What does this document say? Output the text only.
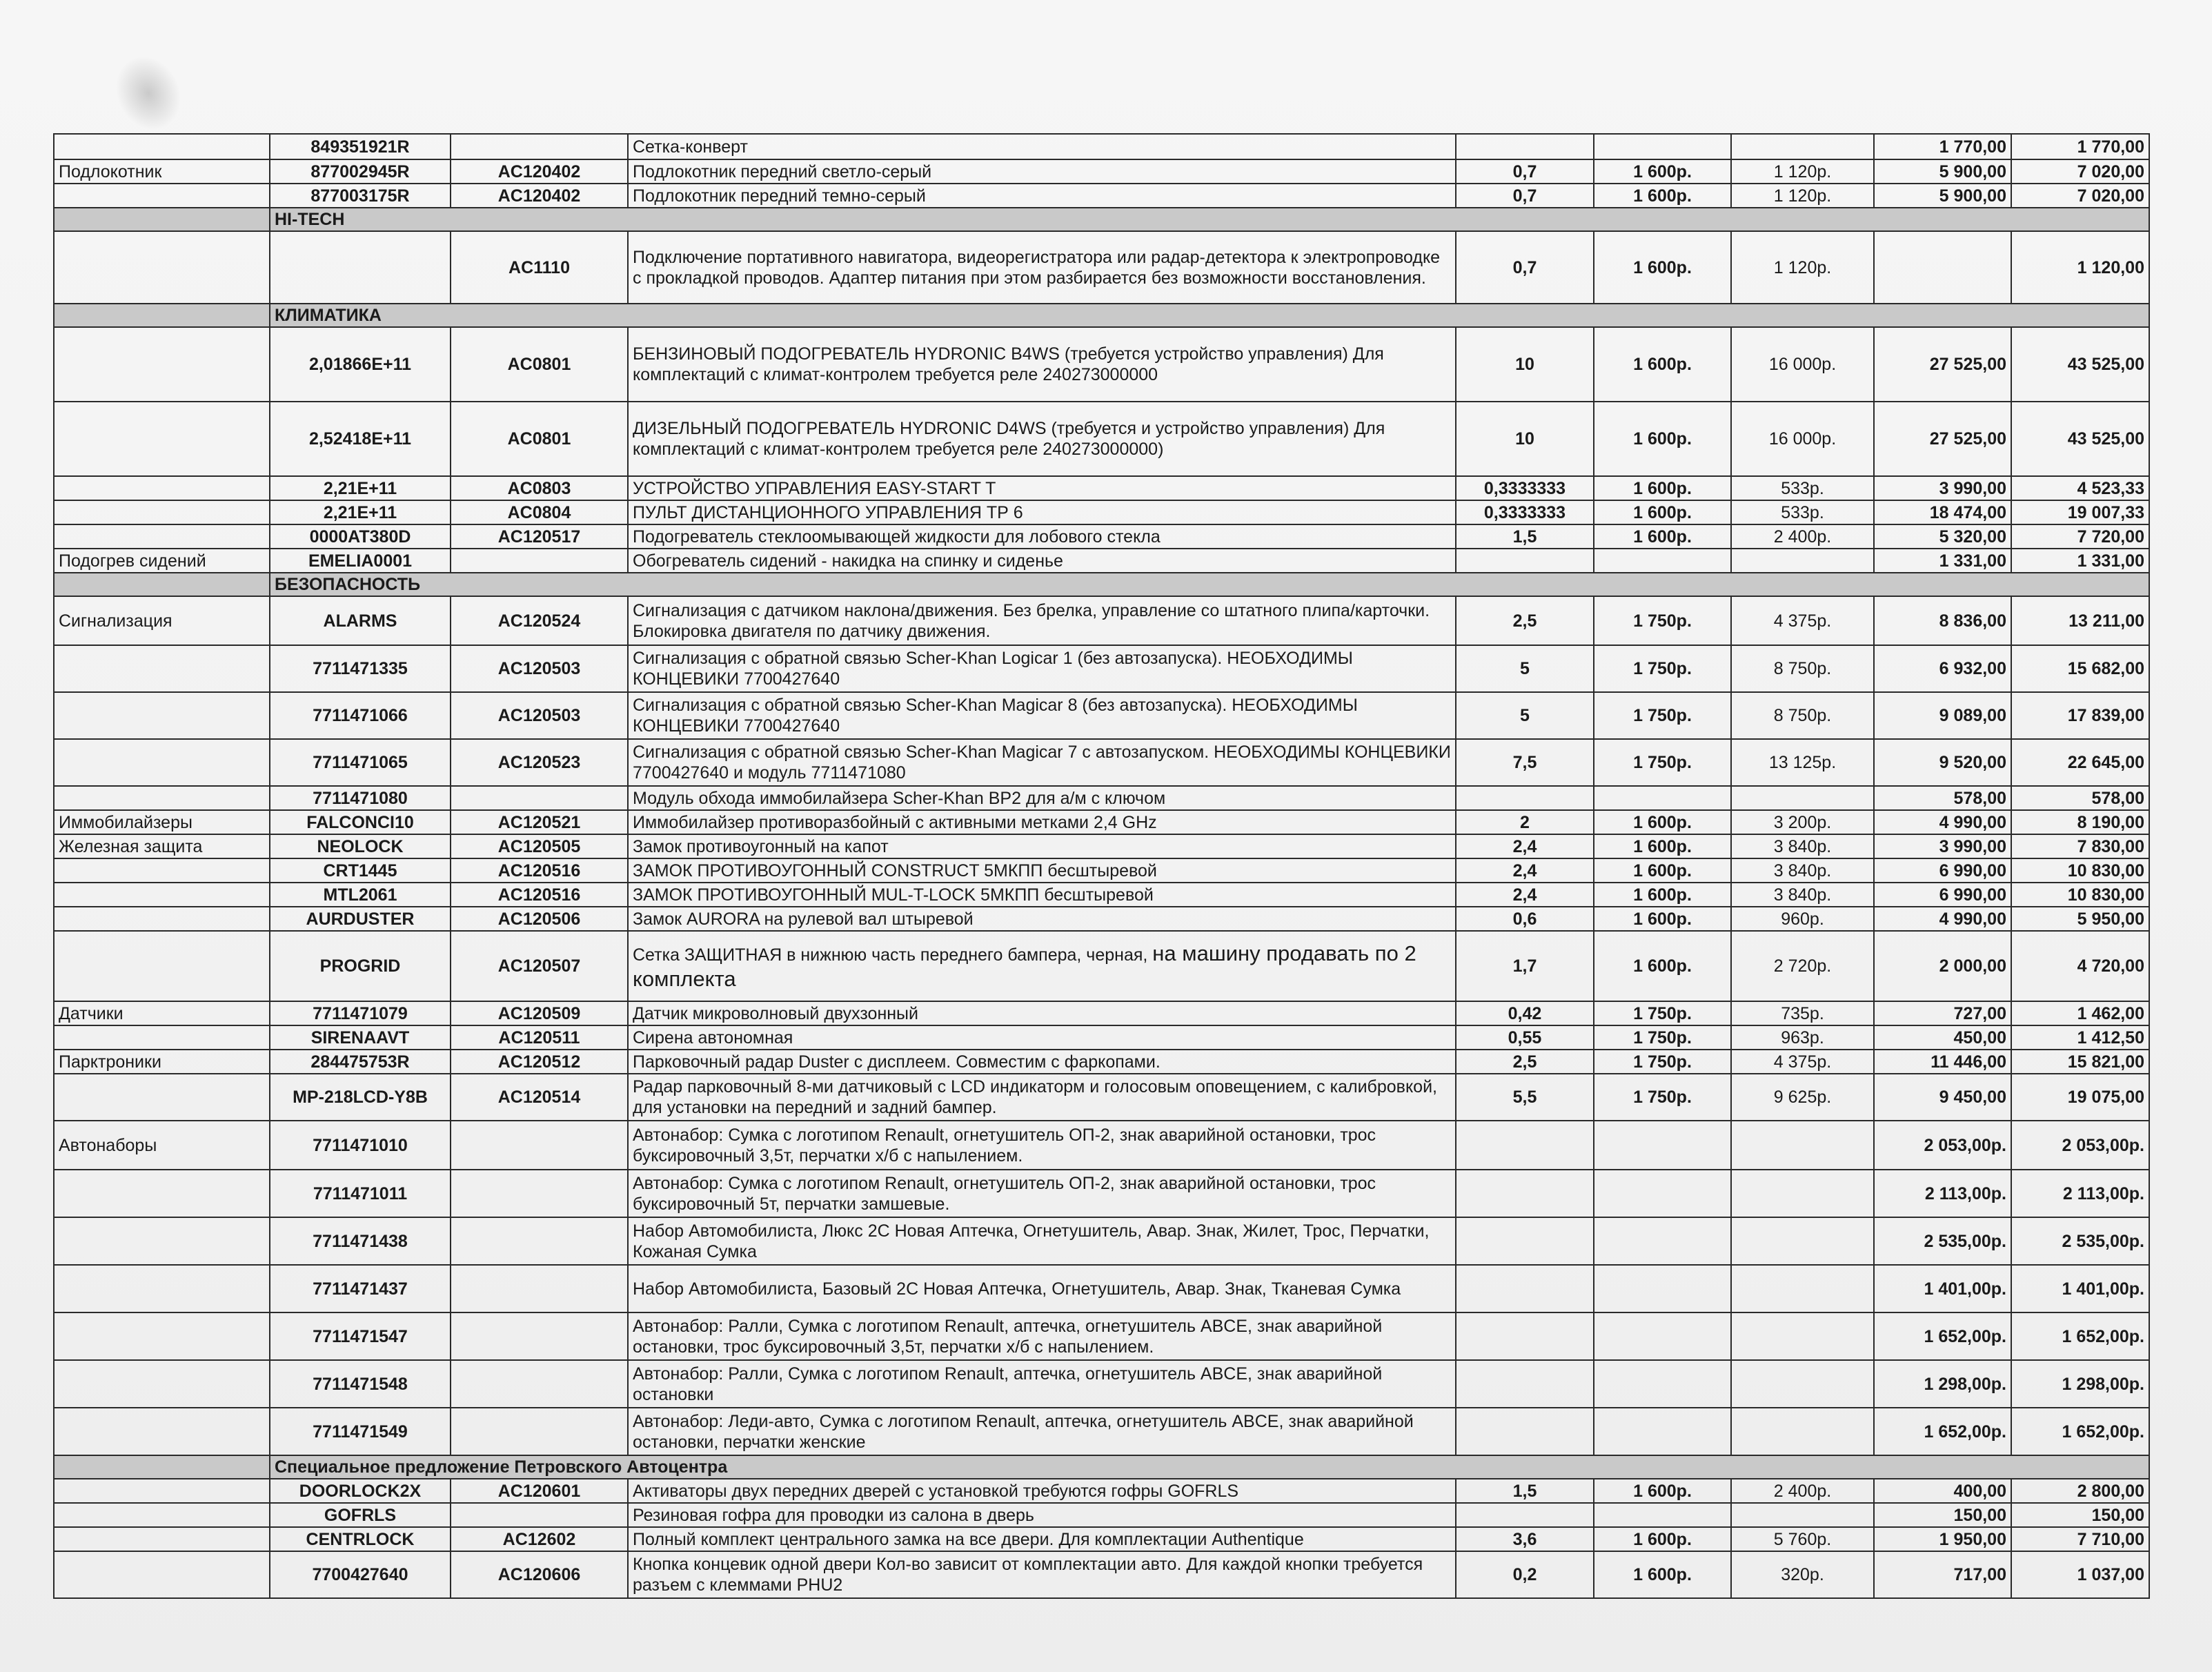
	849351921R		Сетка-конверт				1 770,00	1 770,00
Подлокотник	877002945R	AC120402	Подлокотник передний светло-серый	0,7	1 600р.	1 120р.	5 900,00	7 020,00
	877003175R	AC120402	Подлокотник передний темно-серый	0,7	1 600р.	1 120р.	5 900,00	7 020,00
	HI-TECH							
		AC1110	Подключение портативного навигатора, видеорегистратора или радар-детектора к электропроводке с прокладкой проводов. Адаптер питания при этом разбирается без возможности восстановления.	0,7	1 600р.	1 120р.		1 120,00
	КЛИМАТИКА							
	2,01866E+11	AC0801	БЕНЗИНОВЫЙ ПОДОГРЕВАТЕЛЬ HYDRONIC B4WS (требуется устройство управления) Для комплектаций с климат-контролем требуется реле 240273000000	10	1 600р.	16 000р.	27 525,00	43 525,00
	2,52418E+11	AC0801	ДИЗЕЛЬНЫЙ ПОДОГРЕВАТЕЛЬ HYDRONIC D4WS (требуется и устройство управления) Для комплектаций с климат-контролем требуется реле 240273000000)	10	1 600р.	16 000р.	27 525,00	43 525,00
	2,21E+11	AC0803	УСТРОЙСТВО УПРАВЛЕНИЯ EASY-START T	0,3333333	1 600р.	533р.	3 990,00	4 523,33
	2,21E+11	AC0804	ПУЛЬТ ДИСТАНЦИОННОГО УПРАВЛЕНИЯ ТР 6	0,3333333	1 600р.	533р.	18 474,00	19 007,33
	0000AT380D	AC120517	Подогреватель стеклоомывающей жидкости для лобового стекла	1,5	1 600р.	2 400р.	5 320,00	7 720,00
Подогрев сидений	EMELIA0001		Обогреватель сидений - накидка на спинку и сиденье				1 331,00	1 331,00
	БЕЗОПАСНОСТЬ							
Сигнализация	ALARMS	AC120524	Сигнализация с датчиком наклона/движения. Без брелка, управление со штатного плипа/карточки. Блокировка двигателя по датчику движения.	2,5	1 750р.	4 375р.	8 836,00	13 211,00
	7711471335	AC120503	Сигнализация с обратной связью Scher-Khan Logicar 1 (без автозапуска). НЕОБХОДИМЫ КОНЦЕВИКИ 7700427640	5	1 750р.	8 750р.	6 932,00	15 682,00
	7711471066	AC120503	Сигнализация с обратной связью Scher-Khan Magicar 8 (без автозапуска). НЕОБХОДИМЫ КОНЦЕВИКИ 7700427640	5	1 750р.	8 750р.	9 089,00	17 839,00
	7711471065	AC120523	Сигнализация с обратной связью Scher-Khan Magicar 7 с автозапуском. НЕОБХОДИМЫ КОНЦЕВИКИ 7700427640 и модуль 7711471080	7,5	1 750р.	13 125р.	9 520,00	22 645,00
	7711471080		Модуль обхода иммобилайзера Scher-Khan BP2 для а/м с ключом				578,00	578,00
Иммобилайзеры	FALCONCI10	AC120521	Иммобилайзер противоразбойный с активными метками 2,4 GHz	2	1 600р.	3 200р.	4 990,00	8 190,00
Железная защита	NEOLOCK	AC120505	Замок противоугонный на капот	2,4	1 600р.	3 840р.	3 990,00	7 830,00
	CRT1445	AC120516	ЗАМОК ПРОТИВОУГОННЫЙ CONSTRUCT 5МКПП бесштыревой	2,4	1 600р.	3 840р.	6 990,00	10 830,00
	MTL2061	AC120516	ЗАМОК ПРОТИВОУГОННЫЙ MUL-T-LOCK 5МКПП бесштыревой	2,4	1 600р.	3 840р.	6 990,00	10 830,00
	AURDUSTER	AC120506	Замок AURORA на рулевой вал штыревой	0,6	1 600р.	960р.	4 990,00	5 950,00
	PROGRID	AC120507	Сетка ЗАЩИТНАЯ в нижнюю часть переднего бампера, черная, на машину продавать по 2 комплекта	1,7	1 600р.	2 720р.	2 000,00	4 720,00
Датчики	7711471079	AC120509	Датчик микроволновый двухзонный	0,42	1 750р.	735р.	727,00	1 462,00
	SIRENAAVT	AC120511	Сирена автономная	0,55	1 750р.	963р.	450,00	1 412,50
Парктроники	284475753R	AC120512	Парковочный радар Duster с дисплеем. Совместим с фаркопами.	2,5	1 750р.	4 375р.	11 446,00	15 821,00
	MP-218LCD-Y8B	AC120514	Радар парковочный 8-ми датчиковый с LCD индикаторм и голосовым оповещением, с калибровкой, для установки на передний и задний бампер.	5,5	1 750р.	9 625р.	9 450,00	19 075,00
Автонаборы	7711471010		Автонабор: Сумка с логотипом Renault, огнетушитель ОП-2, знак аварийной остановки, трос буксировочный 3,5т, перчатки х/б с напылением.				2 053,00р.	2 053,00р.
	7711471011		Автонабор: Сумка с логотипом Renault, огнетушитель ОП-2, знак аварийной остановки, трос буксировочный 5т, перчатки замшевые.				2 113,00р.	2 113,00р.
	7711471438		Набор Автомобилиста, Люкс 2С Новая Аптечка, Огнетушитель, Авар. Знак, Жилет, Трос, Перчатки, Кожаная Сумка				2 535,00р.	2 535,00р.
	7711471437		Набор Автомобилиста, Базовый 2С Новая Аптечка, Огнетушитель, Авар. Знак, Тканевая Сумка				1 401,00р.	1 401,00р.
	7711471547		Автонабор: Ралли, Сумка с логотипом Renault, аптечка, огнетушитель ABCE, знак аварийной остановки, трос буксировочный 3,5т, перчатки х/б с напылением.				1 652,00р.	1 652,00р.
	7711471548		Автонабор: Ралли, Сумка с логотипом Renault, аптечка, огнетушитель ABCE, знак аварийной остановки				1 298,00р.	1 298,00р.
	7711471549		Автонабор: Леди-авто, Сумка с логотипом Renault, аптечка, огнетушитель ABCE, знак аварийной остановки, перчатки женские				1 652,00р.	1 652,00р.
	Специальное предложение Петровского Автоцентра							
	DOORLOCK2X	AC120601	Активаторы двух передних дверей с установкой требуются гофры GOFRLS	1,5	1 600р.	2 400р.	400,00	2 800,00
	GOFRLS		Резиновая гофра для проводки из салона в дверь				150,00	150,00
	CENTRLOCK	AC12602	Полный комплект центрального замка на все двери. Для комплектации Authentique	3,6	1 600р.	5 760р.	1 950,00	7 710,00
	7700427640	AC120606	Кнопка концевик одной двери Кол-во зависит от комплектации авто. Для каждой кнопки требуется разъем с клеммами PHU2	0,2	1 600р.	320р.	717,00	1 037,00
